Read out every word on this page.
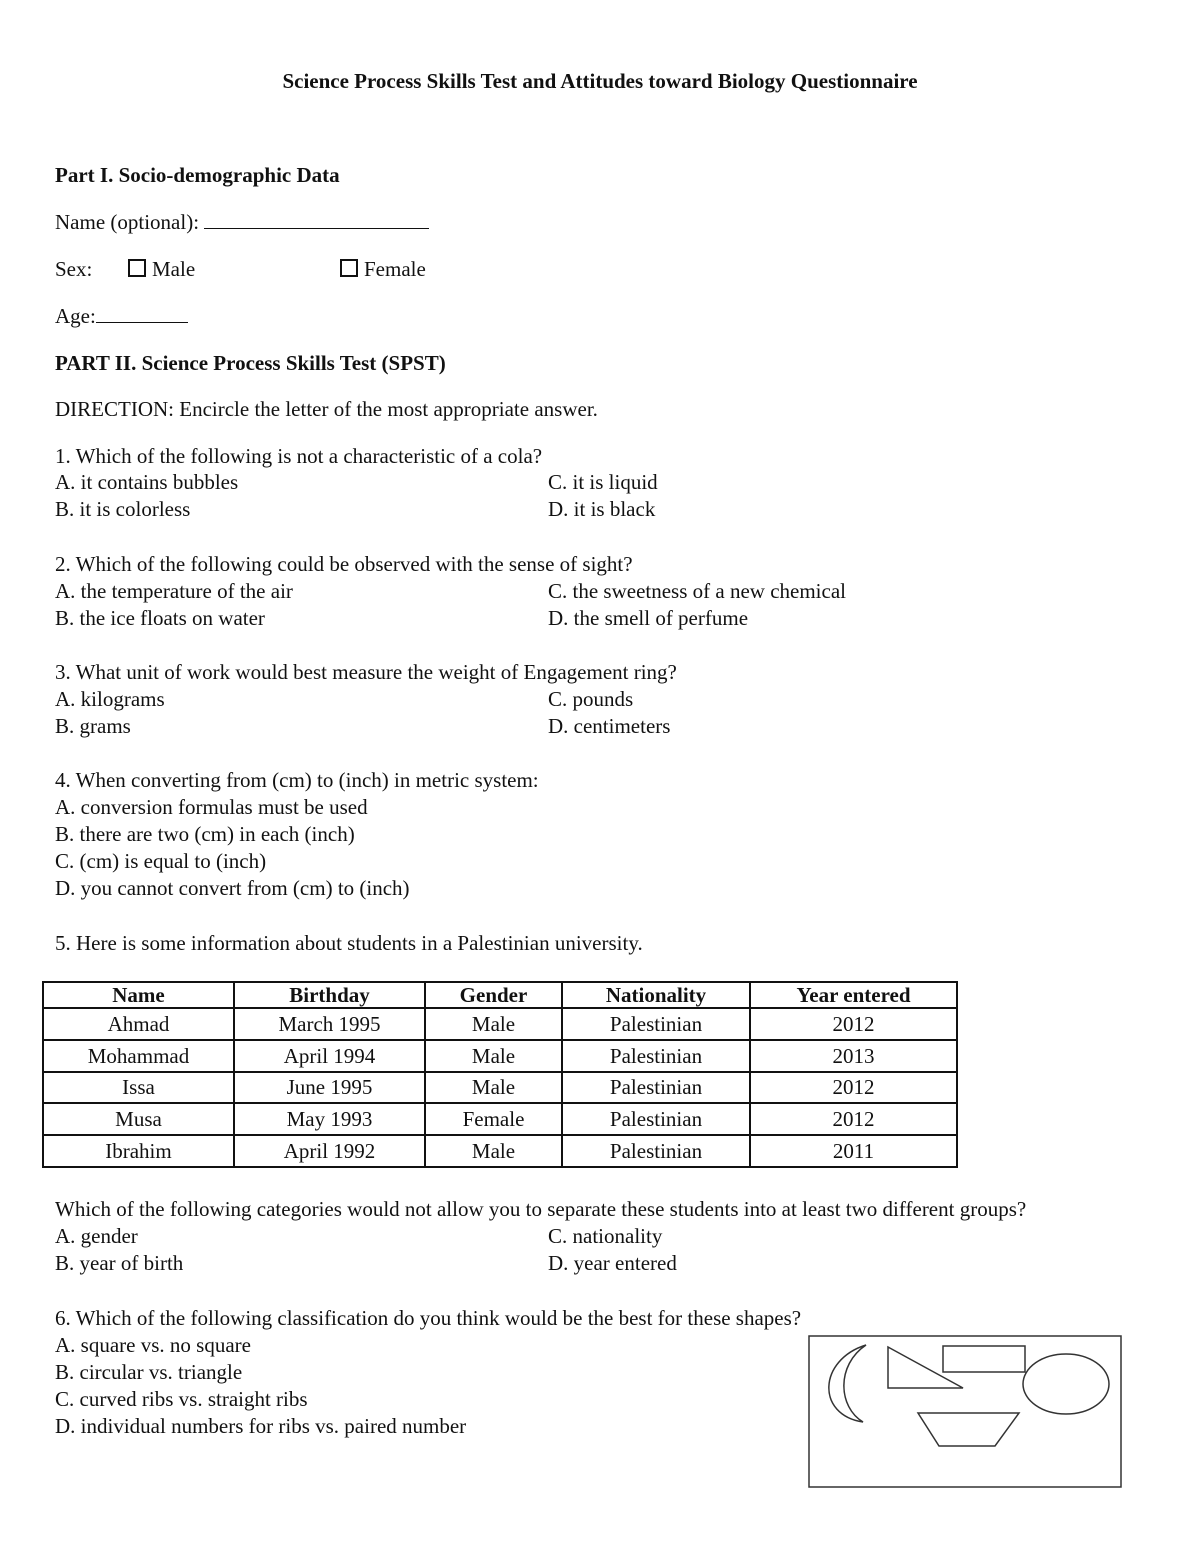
Science Process Skills Test and Attitudes toward Biology Questionnaire
Part I. Socio-demographic Data
Name (optional):
Sex:	Male	Female
Age:
PART II. Science Process Skills Test (SPST)
DIRECTION: Encircle the letter of the most appropriate answer.
1. Which of the following is not a characteristic of a cola?
A. it contains bubbles	C. it is liquid
B. it is colorless	D. it is black
2. Which of the following could be observed with the sense of sight?
A. the temperature of the air	C. the sweetness of a new chemical
B. the ice floats on water	D. the smell of perfume
3. What unit of work would best measure the weight of Engagement ring?
A. kilograms	C. pounds
B. grams	D. centimeters
4. When converting from (cm) to (inch) in metric system:
A. conversion formulas must be used
B. there are two (cm) in each (inch)
C. (cm) is equal to (inch)
D. you cannot convert from (cm) to (inch)
5. Here is some information about students in a Palestinian university.
Name	Birthday	Gender	Nationality	Year entered
Ahmad	March 1995	Male	Palestinian	2012
Mohammad	April 1994	Male	Palestinian	2013
Issa	June 1995	Male	Palestinian	2012
Musa	May 1993	Female	Palestinian	2012
Ibrahim	April 1992	Male	Palestinian	2011
Which of the following categories would not allow you to separate these students into at least two different groups?
A. gender	C. nationality
B. year of birth	D. year entered
6. Which of the following classification do you think would be the best for these shapes?
A. square vs. no square
B. circular vs. triangle
C. curved ribs vs. straight ribs
D. individual numbers for ribs vs. paired number
